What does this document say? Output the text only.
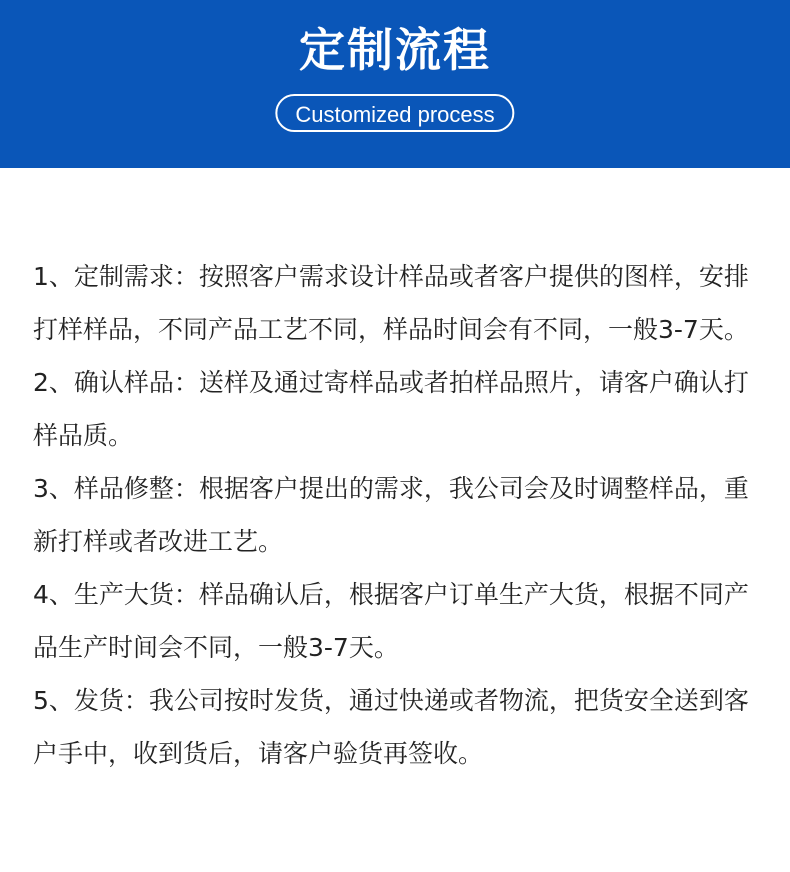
定制流程
Customized process

1、定制需求：按照客户需求设计样品或者客户提供的图样，安排打样样品，不同产品工艺不同，样品时间会有不同，一般3-7天。

2、确认样品：送样及通过寄样品或者拍样品照片，请客户确认打样品质。

3、样品修整：根据客户提出的需求，我公司会及时调整样品，重新打样或者改进工艺。

4、生产大货：样品确认后，根据客户订单生产大货，根据不同产品生产时间会不同，一般3-7天。

5、发货：我公司按时发货，通过快递或者物流，把货安全送到客户手中，收到货后，请客户验货再签收。
